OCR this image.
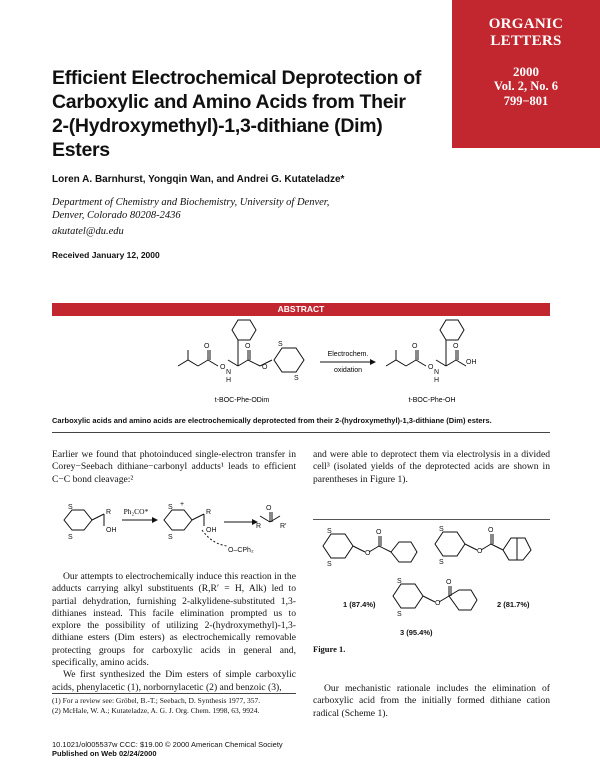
ORGANIC
LETTERS
2000
Vol. 2, No. 6
799−801
Efficient Electrochemical Deprotection of
Carboxylic and Amino Acids from Their
2-(Hydroxymethyl)-1,3-dithiane (Dim)
Esters
Loren A. Barnhurst, Yongqin Wan, and Andrei G. Kutateladze*
Department of Chemistry and Biochemistry, University of Denver,
Denver, Colorado 80208-2436
akutatel@du.edu
Received January 12, 2000
ABSTRACT
O
O
N
H
O
O
S
S
Electrochem.
oxidation	O
O
N
H
O
OH
t-BOC-Phe-ODim	t-BOC-Phe-OH
Carboxylic acids and amino acids are electrochemically deprotected from their 2-(hydroxymethyl)-1,3-dithiane (Dim) esters.
Earlier we found that photoinduced single-electron transfer in Corey−Seebach dithiane−carbonyl adducts¹ leads to efficient C−C bond cleavage:²
S
S
R
OH
S +
S
R
OH
O–CPh₂
O
R	R′
Ph₂CO*

Our attempts to electrochemically induce this reaction in the adducts carrying alkyl substituents (R,R′ = H, Alk) led to partial dehydration, furnishing 2-alkylidene-substituted 1,3-dithianes instead. This facile elimination prompted us to explore the possibility of utilizing 2-(hydroxymethyl)-1,3-dithiane esters (Dim esters) as electrochemically removable protecting groups for carboxylic acids in general and, specifically, amino acids.

We first synthesized the Dim esters of simple carboxylic acids, phenylacetic (1), norbornylacetic (2) and benzoic (3),

(1) For a review see: Gröbel, B.-T.; Seebach, D. Synthesis 1977, 357.
(2) McHale, W. A.; Kutateladze, A. G. J. Org. Chem. 1998, 63, 9924.
10.1021/ol005537w CCC: $19.00 © 2000 American Chemical Society
Published on Web 02/24/2000
and were able to deprotect them via electrolysis in a divided cell³ (isolated yields of the deprotected acids are shown in parentheses in Figure 1).
S
S
O
O	S
S
O
O
S
S
O
O
1 (87.4%)	2 (81.7%)
3 (95.4%)
Figure 1.
Our mechanistic rationale includes the elimination of carboxylic acid from the initially formed dithiane cation radical (Scheme 1).
